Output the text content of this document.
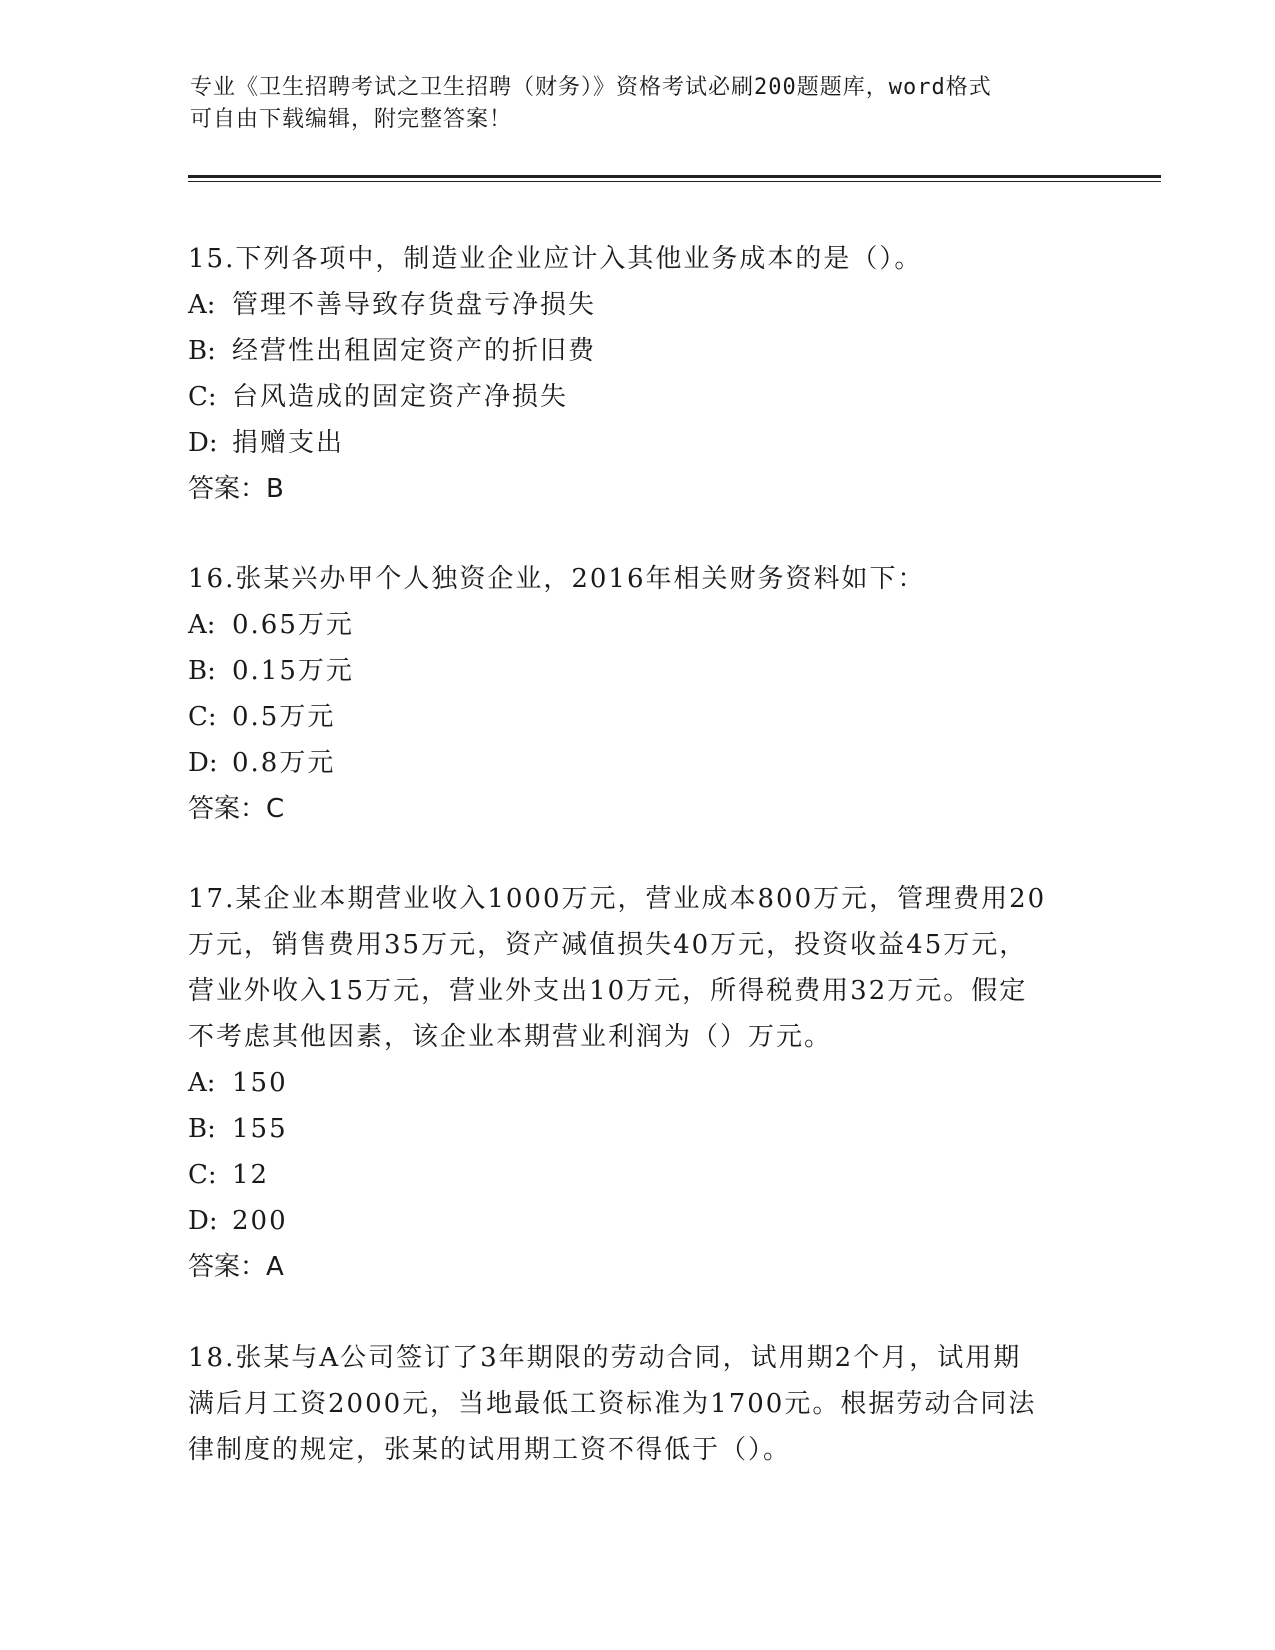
专业《卫生招聘考试之卫生招聘（财务）》资格考试必刷200题题库，word格式
可自由下载编辑，附完整答案！
15.下列各项中，制造业企业应计入其他业务成本的是（）。
A: 管理不善导致存货盘亏净损失
B: 经营性出租固定资产的折旧费
C: 台风造成的固定资产净损失
D: 捐赠支出
答案：B
16.张某兴办甲个人独资企业，2016年相关财务资料如下：
A: 0.65万元
B: 0.15万元
C: 0.5万元
D: 0.8万元
答案：C
17.某企业本期营业收入1000万元，营业成本800万元，管理费用20
万元，销售费用35万元，资产减值损失40万元，投资收益45万元，
营业外收入15万元，营业外支出10万元，所得税费用32万元。假定
不考虑其他因素，该企业本期营业利润为（）万元。
A: 150
B: 155
C: 12
D: 200
答案：A
18.张某与A公司签订了3年期限的劳动合同，试用期2个月，试用期
满后月工资2000元，当地最低工资标准为1700元。根据劳动合同法
律制度的规定，张某的试用期工资不得低于（）。
